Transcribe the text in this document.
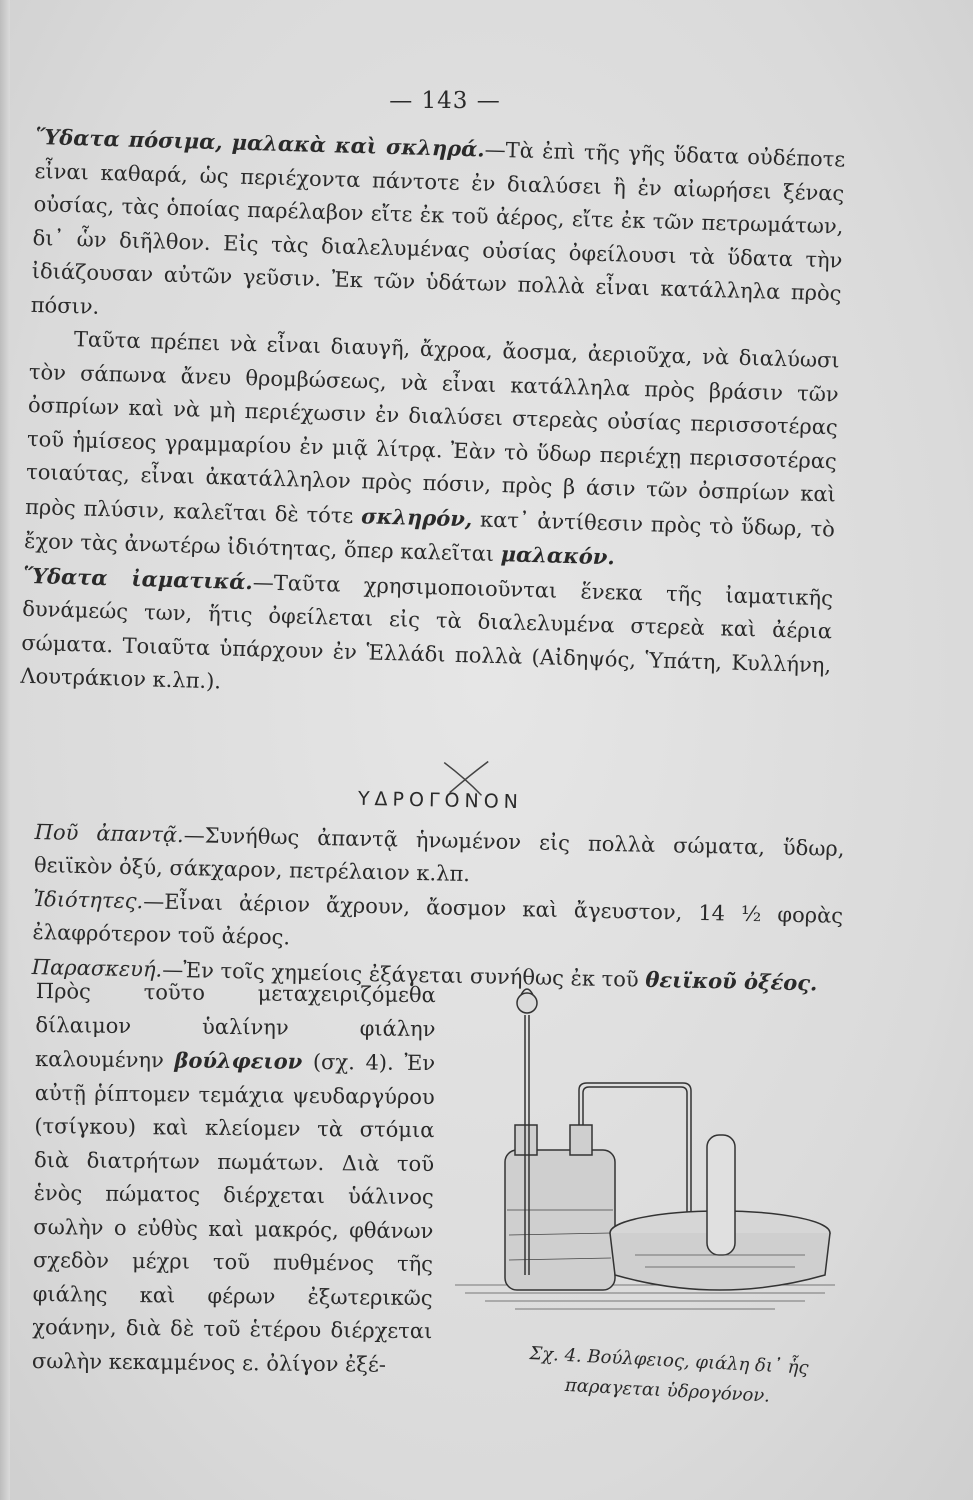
— 143 —

Ὕδατα πόσιμα, μαλακὰ καὶ σκληρά.—Τὰ ἐπὶ τῆς γῆς ὕδατα οὐδέποτε εἶναι καθαρά, ὡς περιέχοντα πάντοτε ἐν διαλύσει ἢ ἐν αἰωρήσει ξένας οὐσίας, τὰς ὁποίας παρέλαβον εἴτε ἐκ τοῦ ἀέρος, εἴτε ἐκ τῶν πετρωμάτων, δι᾽ ὧν διῆλθον. Εἰς τὰς διαλελυμένας οὐσίας ὀφείλουσι τὰ ὕδατα τὴν ἰδιάζουσαν αὐτῶν γεῦσιν. Ἐκ τῶν ὑδάτων πολλὰ εἶναι κατάλληλα πρὸς πόσιν.

Ταῦτα πρέπει νὰ εἶναι διαυγῆ, ἄχροα, ἄοσμα, ἀεριοῦχα, νὰ διαλύωσι τὸν σάπωνα ἄνευ θρομβώσεως, νὰ εἶναι κατάλληλα πρὸς βράσιν τῶν ὀσπρίων καὶ νὰ μὴ περιέχωσιν ἐν διαλύσει στερεὰς οὐσίας περισσοτέρας τοῦ ἡμίσεος γραμμαρίου ἐν μιᾷ λίτρᾳ. Ἐὰν τὸ ὕδωρ περιέχῃ περισσοτέρας τοιαύτας, εἶναι ἀκατάλληλον πρὸς πόσιν, πρὸς β άσιν τῶν ὀσπρίων καὶ πρὸς πλύσιν, καλεῖται δὲ τότε σκληρόν, κατ᾽ ἀντίθεσιν πρὸς τὸ ὕδωρ, τὸ ἔχον τὰς ἀνωτέρω ἰδιότητας, ὅπερ καλεῖται μαλακόν.

Ὕδατα ἰαματικά.—Ταῦτα χρησιμοποιοῦνται ἕνεκα τῆς ἰαματικῆς δυνάμεώς των, ἥτις ὀφείλεται εἰς τὰ διαλελυμένα στερεὰ καὶ ἀέρια σώματα. Τοιαῦτα ὑπάρχουν ἐν Ἑλλάδι πολλὰ (Αἰδηψός, Ὑπάτη, Κυλλήνη, Λουτράκιον κ.λπ.).

ΥΔΡΟΓΟΝΟΝ

Ποῦ ἀπαντᾷ.—Συνήθως ἀπαντᾷ ἡνωμένον εἰς πολλὰ σώματα, ὕδωρ, θειϊκὸν ὀξύ, σάκχαρον, πετρέλαιον κ.λπ.

Ἰδιότητες.—Εἶναι ἀέριον ἄχρουν, ἄοσμον καὶ ἄγευστον, 14 ½ φορὰς ἐλαφρότερον τοῦ ἀέρος.

Παρασκευή.—Ἐν τοῖς χημείοις ἐξάγεται συνήθως ἐκ τοῦ θειϊκοῦ ὀξέος.

Πρὸς τοῦτο μεταχειριζόμεθα δίλαιμον ὑαλίνην φιάλην καλουμένην βούλφειον (σχ. 4). Ἐν αὐτῇ ῥίπτομεν τεμάχια ψευδαργύρου (τσίγκου) καὶ κλείομεν τὰ στόμια διὰ διατρήτων πωμάτων. Διὰ τοῦ ἑνὸς πώματος διέρχεται ὑάλινος σωλὴν ο εὐθὺς καὶ μακρός, φθάνων σχεδὸν μέχρι τοῦ πυθμένος τῆς φιάλης καὶ φέρων ἐξωτερικῶς χοάνην, διὰ δὲ τοῦ ἑτέρου διέρχεται σωλὴν κεκαμμένος ε. ὀλίγον ἐξέ-	Σχ. 4. Βούλφειος, φιάλη δι᾽ ἧς
παραγεται ὑδρογόνον.
